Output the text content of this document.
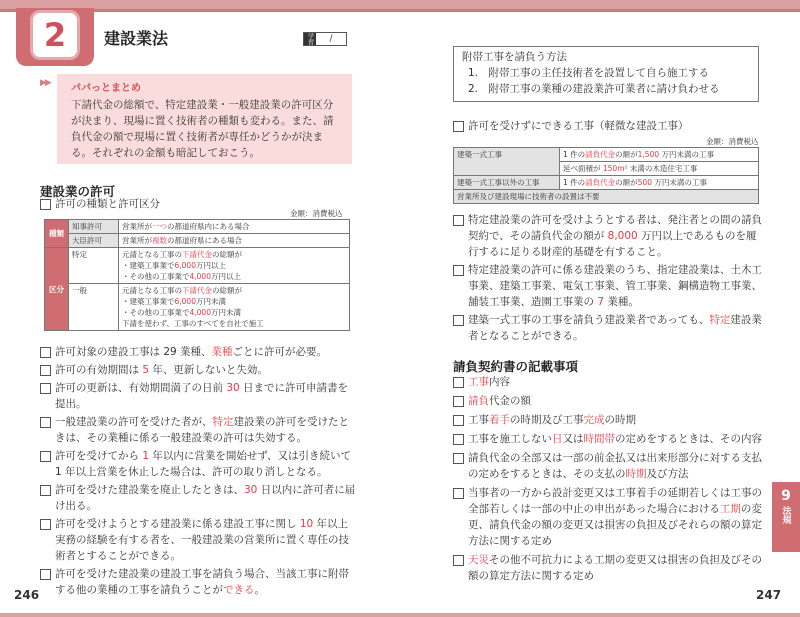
2	建設業法	学習	/
▶▶ パパっとまとめ
下請代金の総額で、特定建設業・一般建設業の許可区分が決まり、現場に置く技術者の種類も変わる。また、請負代金の額で現場に置く技術者が専任かどうかが決まる。それぞれの金額も暗記しておこう。
建設業の許可
許可の種類と許可区分
金額：消費税込
種類	知事許可	営業所が一つの都道府県内にある場合
	大臣許可	営業所が複数の都道府県にある場合
区分	特定	元請となる工事の下請代金の総額が
・建築工事業で6,000万円以上
・その他の工事業で4,000万円以上

	一般	元請となる工事の下請代金の総額が
・建築工事業で6,000万円未満
・その他の工事業で4,000万円未満
下請を使わず、工事のすべてを自社で施工
許可対象の建設工事は 29 業種、業種ごとに許可が必要。
許可の有効期間は 5 年、更新しないと失効。
許可の更新は、有効期間満了の日前 30 日までに許可申請書を提出。
一般建設業の許可を受けた者が、特定建設業の許可を受けたときは、その業種に係る一般建設業の許可は失効する。
許可を受けてから 1 年以内に営業を開始せず、又は引き続いて 1 年以上営業を休止した場合は、許可の取り消しとなる。
許可を受けた建設業を廃止したときは、30 日以内に許可者に届け出る。
許可を受けようとする建設業に係る建設工事に関し 10 年以上実務の経験を有する者を、一般建設業の営業所に置く専任の技術者とすることができる。
許可を受けた建設業の建設工事を請負う場合、当該工事に附帯する他の業種の工事を請負うことができる。
246
附帯工事を請負う方法
1.　附帯工事の主任技術者を設置して自ら施工する
2.　附帯工事の業種の建設業許可業者に請け負わせる
許可を受けずにできる工事（軽微な建設工事）
金額：消費税込
建築一式工事	1 件の請負代金の額が1,500 万円未満の工事
	延べ面積が 150m² 未満の木造住宅工事
建築一式工事以外の工事	1 件の請負代金の額が500 万円未満の工事
営業所及び建設現場に技術者の設置は不要	
特定建設業の許可を受けようとする者は、発注者との間の請負契約で、その請負代金の額が 8,000 万円以上であるものを履行するに足りる財産的基礎を有すること。
特定建設業の許可に係る建設業のうち、指定建設業は、土木工事業、建築工事業、電気工事業、管工事業、鋼構造物工事業、舗装工事業、造園工事業の 7 業種。
建築一式工事の工事を請負う建設業者であっても、特定建設業者となることができる。
請負契約書の記載事項
工事内容
請負代金の額
工事着手の時期及び工事完成の時期
工事を施工しない日又は時間帯の定めをするときは、その内容
請負代金の全部又は一部の前金払又は出来形部分に対する支払の定めをするときは、その支払の時期及び方法
当事者の一方から設計変更又は工事着手の延期若しくは工事の全部若しくは一部の中止の申出があった場合における工期の変更、請負代金の額の変更又は損害の負担及びそれらの額の算定方法に関する定め
天災その他不可抗力による工期の変更又は損害の負担及びその額の算定方法に関する定め
9
法規
247
